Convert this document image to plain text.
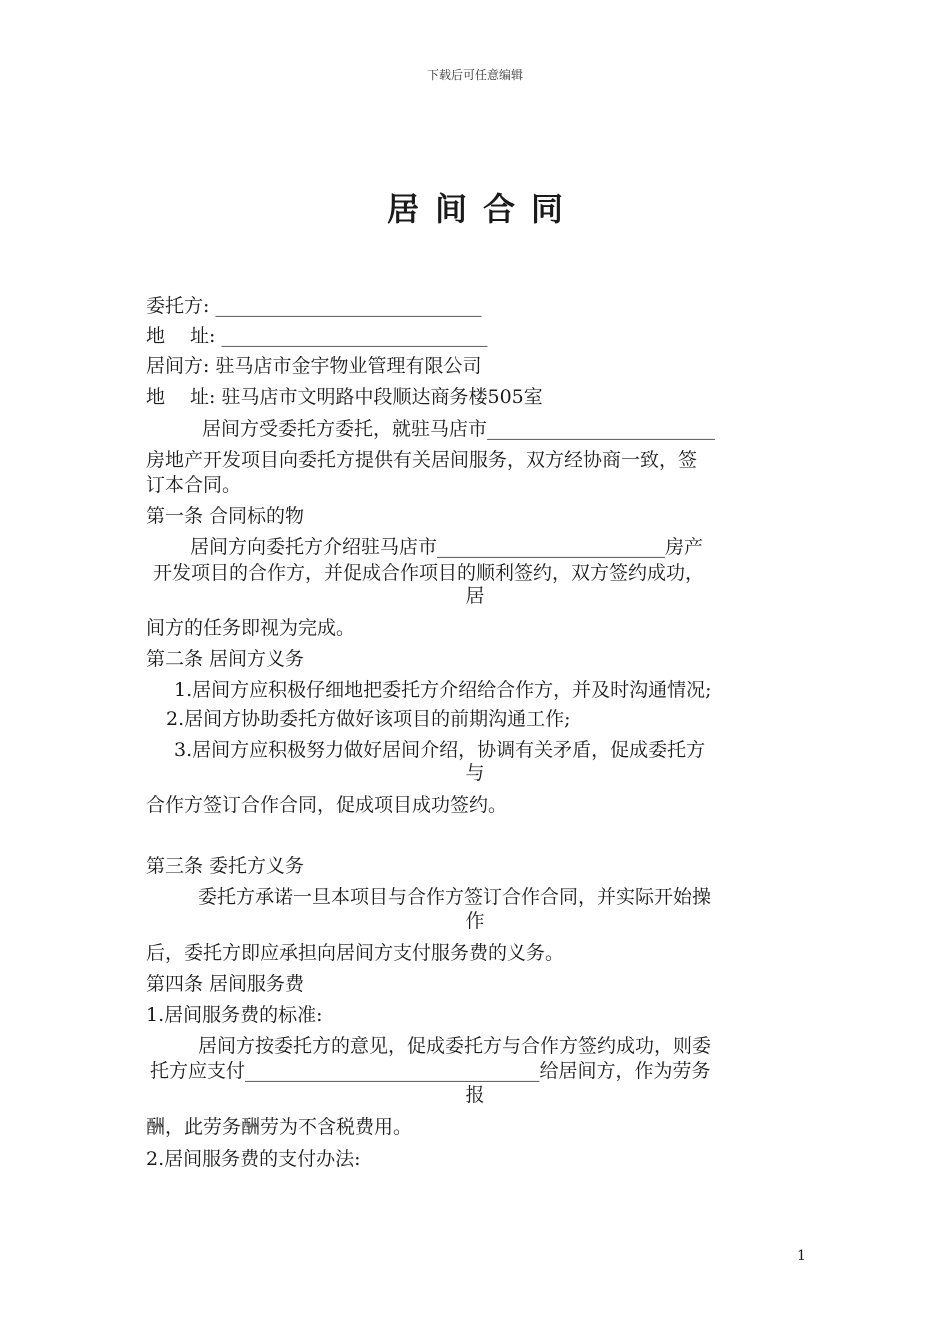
下载后可任意编辑
居间合同
委托方: ____________________________
地　 址: ____________________________
居间方: 驻马店市金宇物业管理有限公司
地　 址: 驻马店市文明路中段顺达商务楼505室
居间方受委托方委托，就驻马店市________________________
房地产开发项目向委托方提供有关居间服务，双方经协商一致，签
订本合同。
第一条 合同标的物
居间方向委托方介绍驻马店市________________________房产
开发项目的合作方，并促成合作项目的顺利签约，双方签约成功，
居
间方的任务即视为完成。
第二条 居间方义务
1.居间方应积极仔细地把委托方介绍给合作方，并及时沟通情况;
2.居间方协助委托方做好该项目的前期沟通工作;
3.居间方应积极努力做好居间介绍，协调有关矛盾，促成委托方
与
合作方签订合作合同，促成项目成功签约。
第三条 委托方义务
委托方承诺一旦本项目与合作方签订合作合同，并实际开始操
作
后，委托方即应承担向居间方支付服务费的义务。
第四条 居间服务费
1.居间服务费的标准:
居间方按委托方的意见，促成委托方与合作方签约成功，则委
托方应支付_______________________________给居间方，作为劳务
报
酬，此劳务酬劳为不含税费用。
2.居间服务费的支付办法:
1
